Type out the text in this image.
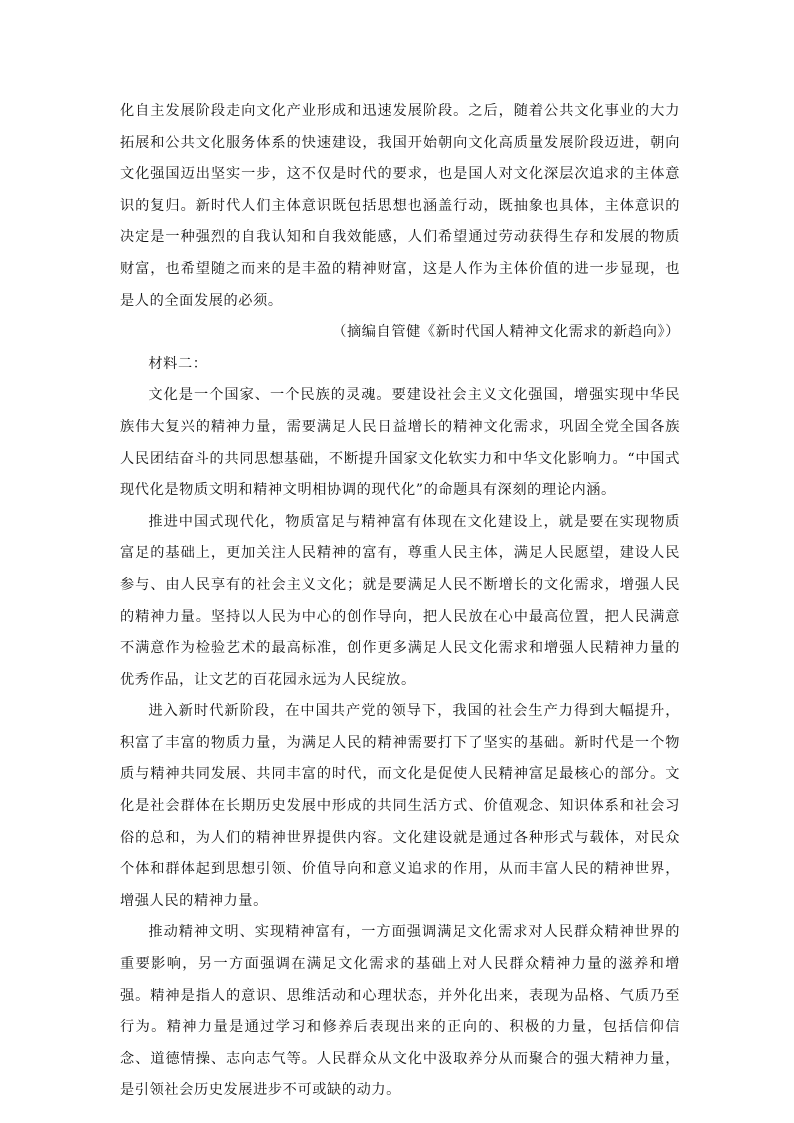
化自主发展阶段走向文化产业形成和迅速发展阶段。之后，随着公共文化事业的大力拓展和公共文化服务体系的快速建设，我国开始朝向文化高质量发展阶段迈进，朝向文化强国迈出坚实一步，这不仅是时代的要求，也是国人对文化深层次追求的主体意识的复归。新时代人们主体意识既包括思想也涵盖行动，既抽象也具体，主体意识的决定是一种强烈的自我认知和自我效能感，人们希望通过劳动获得生存和发展的物质财富，也希望随之而来的是丰盈的精神财富，这是人作为主体价值的进一步显现，也是人的全面发展的必须。

（摘编自管健《新时代国人精神文化需求的新趋向》）

材料二：

文化是一个国家、一个民族的灵魂。要建设社会主义文化强国，增强实现中华民族伟大复兴的精神力量，需要满足人民日益增长的精神文化需求，巩固全党全国各族人民团结奋斗的共同思想基础，不断提升国家文化软实力和中华文化影响力。“中国式现代化是物质文明和精神文明相协调的现代化”的命题具有深刻的理论内涵。

推进中国式现代化，物质富足与精神富有体现在文化建设上，就是要在实现物质富足的基础上，更加关注人民精神的富有，尊重人民主体，满足人民愿望，建设人民参与、由人民享有的社会主义文化；就是要满足人民不断增长的文化需求，增强人民的精神力量。坚持以人民为中心的创作导向，把人民放在心中最高位置，把人民满意不满意作为检验艺术的最高标准，创作更多满足人民文化需求和增强人民精神力量的优秀作品，让文艺的百花园永远为人民绽放。

进入新时代新阶段，在中国共产党的领导下，我国的社会生产力得到大幅提升，积富了丰富的物质力量，为满足人民的精神需要打下了坚实的基础。新时代是一个物质与精神共同发展、共同丰富的时代，而文化是促使人民精神富足最核心的部分。文化是社会群体在长期历史发展中形成的共同生活方式、价值观念、知识体系和社会习俗的总和，为人们的精神世界提供内容。文化建设就是通过各种形式与载体，对民众个体和群体起到思想引领、价值导向和意义追求的作用，从而丰富人民的精神世界，增强人民的精神力量。

推动精神文明、实现精神富有，一方面强调满足文化需求对人民群众精神世界的重要影响，另一方面强调在满足文化需求的基础上对人民群众精神力量的滋养和增强。精神是指人的意识、思维活动和心理状态，并外化出来，表现为品格、气质乃至行为。精神力量是通过学习和修养后表现出来的正向的、积极的力量，包括信仰信念、道德情操、志向志气等。人民群众从文化中汲取养分从而聚合的强大精神力量，是引领社会历史发展进步不可或缺的动力。
